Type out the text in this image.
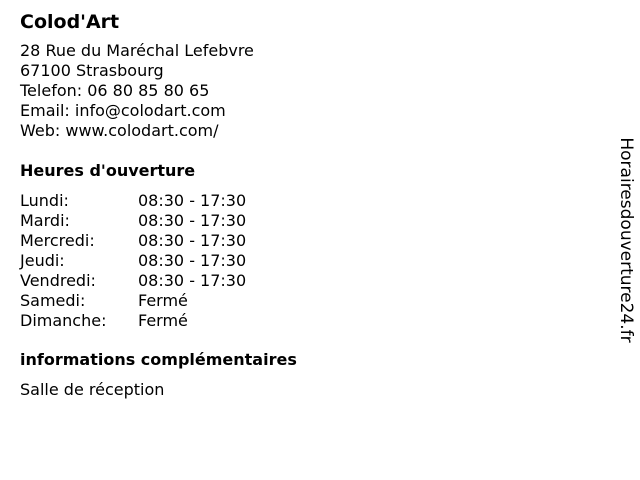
Colod'Art
28 Rue du Maréchal Lefebvre
67100 Strasbourg
Telefon: 06 80 85 80 65
Email: info@colodart.com
Web: www.colodart.com/
Heures d'ouverture
Lundi:	08:30 - 17:30
Mardi:	08:30 - 17:30
Mercredi:	08:30 - 17:30
Jeudi:	08:30 - 17:30
Vendredi:	08:30 - 17:30
Samedi:	Fermé
Dimanche:	Fermé
informations complémentaires
Salle de réception
Horairesdouverture24.fr
